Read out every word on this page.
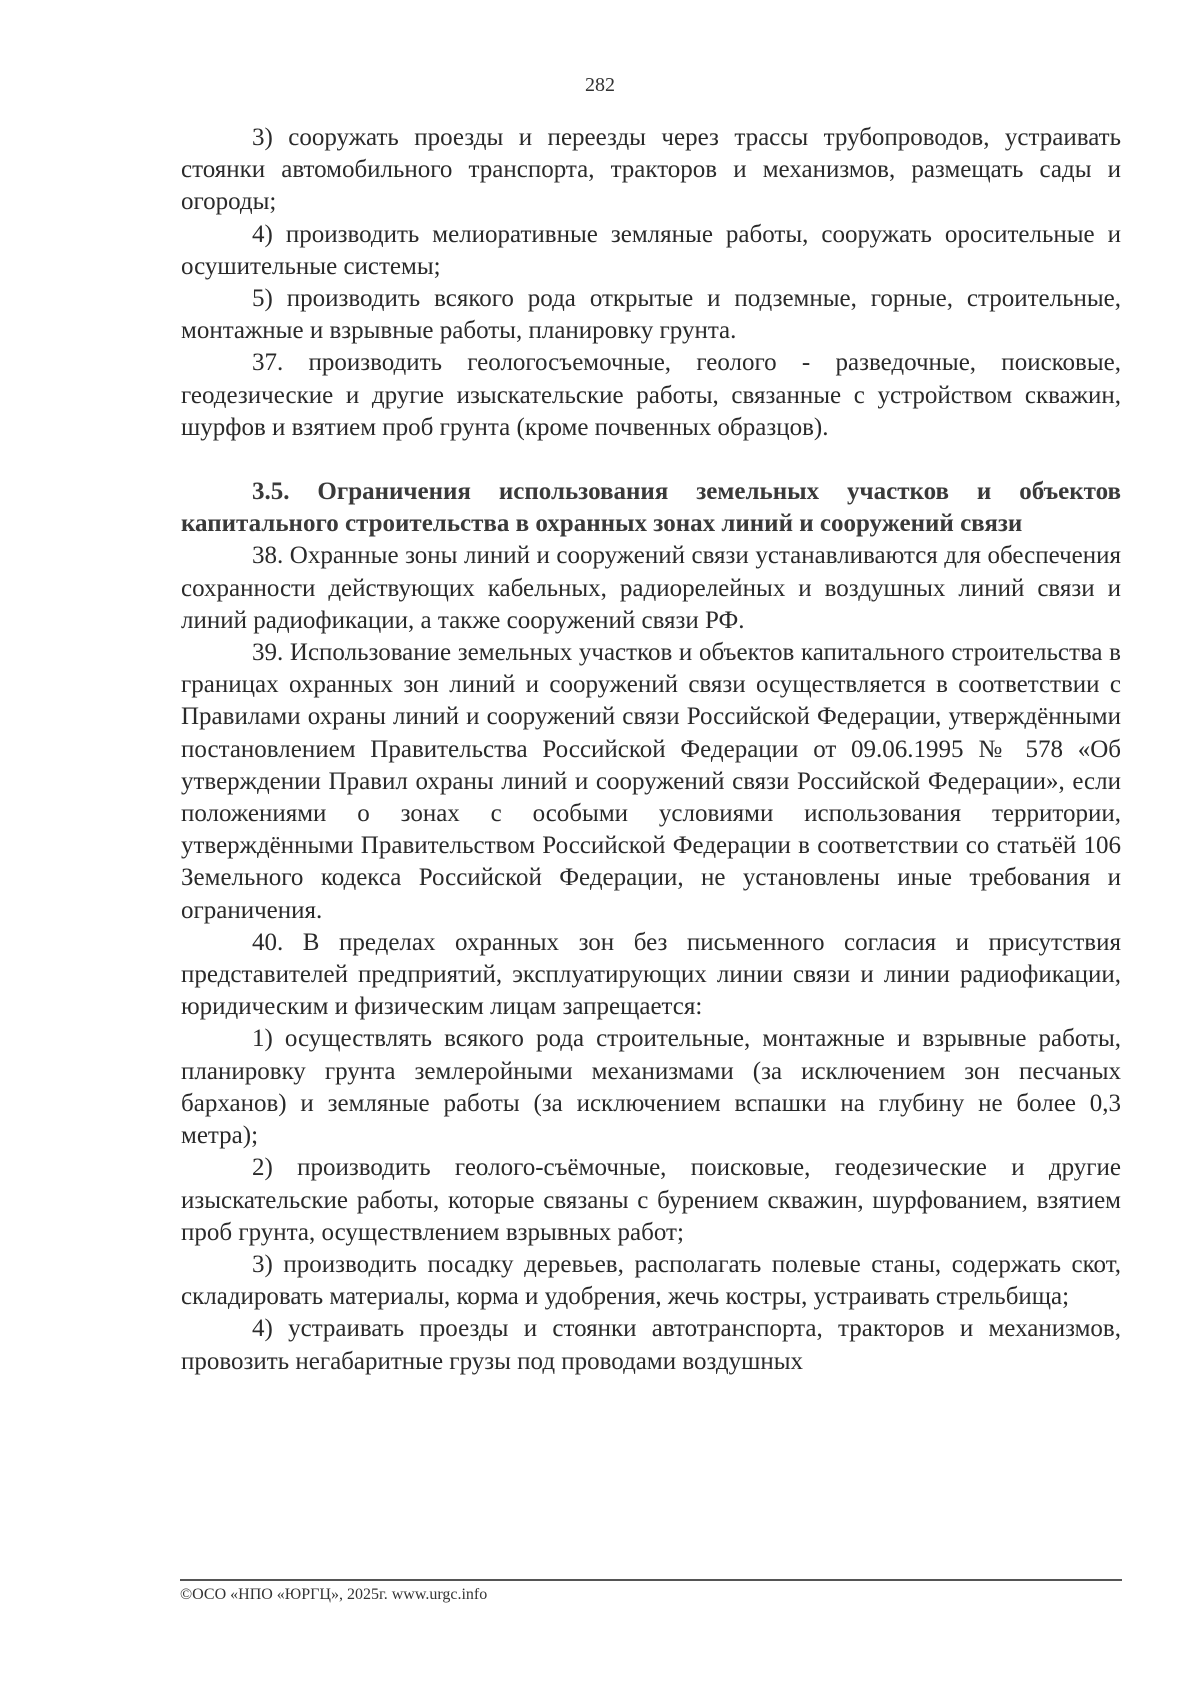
282

3) сооружать проезды и переезды через трассы трубопроводов, устраивать стоянки автомобильного транспорта, тракторов и механизмов, размещать сады и огороды;

4) производить мелиоративные земляные работы, сооружать оросительные и осушительные системы;

5) производить всякого рода открытые и подземные, горные, строительные, монтажные и взрывные работы, планировку грунта.

37. производить геологосъемочные, геолого - разведочные, поисковые, геодезические и другие изыскательские работы, связанные с устройством скважин, шурфов и взятием проб грунта (кроме почвенных образцов).

3.5. Ограничения использования земельных участков и объектов капитального строительства в охранных зонах линий и сооружений связи

38. Охранные зоны линий и сооружений связи устанавливаются для обеспечения сохранности действующих кабельных, радиорелейных и воздушных линий связи и линий радиофикации, а также сооружений связи РФ.

39. Использование земельных участков и объектов капитального строительства в границах охранных зон линий и сооружений связи осуществляется в соответствии с Правилами охраны линий и сооружений связи Российской Федерации, утверждёнными постановлением Правительства Российской Федерации от 09.06.1995 № 578 «Об утверждении Правил охраны линий и сооружений связи Российской Федерации», если положениями о зонах с особыми условиями использования территории, утверждёнными Правительством Российской Федерации в соответствии со статьёй 106 Земельного кодекса Российской Федерации, не установлены иные требования и ограничения.

40. В пределах охранных зон без письменного согласия и присутствия представителей предприятий, эксплуатирующих линии связи и линии радиофикации, юридическим и физическим лицам запрещается:

1) осуществлять всякого рода строительные, монтажные и взрывные работы, планировку грунта землеройными механизмами (за исключением зон песчаных барханов) и земляные работы (за исключением вспашки на глубину не более 0,3 метра);

2) производить геолого-съёмочные, поисковые, геодезические и другие изыскательские работы, которые связаны с бурением скважин, шурфованием, взятием проб грунта, осуществлением взрывных работ;

3) производить посадку деревьев, располагать полевые станы, содержать скот, складировать материалы, корма и удобрения, жечь костры, устраивать стрельбища;

4) устраивать проезды и стоянки автотранспорта, тракторов и механизмов, провозить негабаритные грузы под проводами воздушных

©ОСО «НПО «ЮРГЦ», 2025г. www.urgc.info
